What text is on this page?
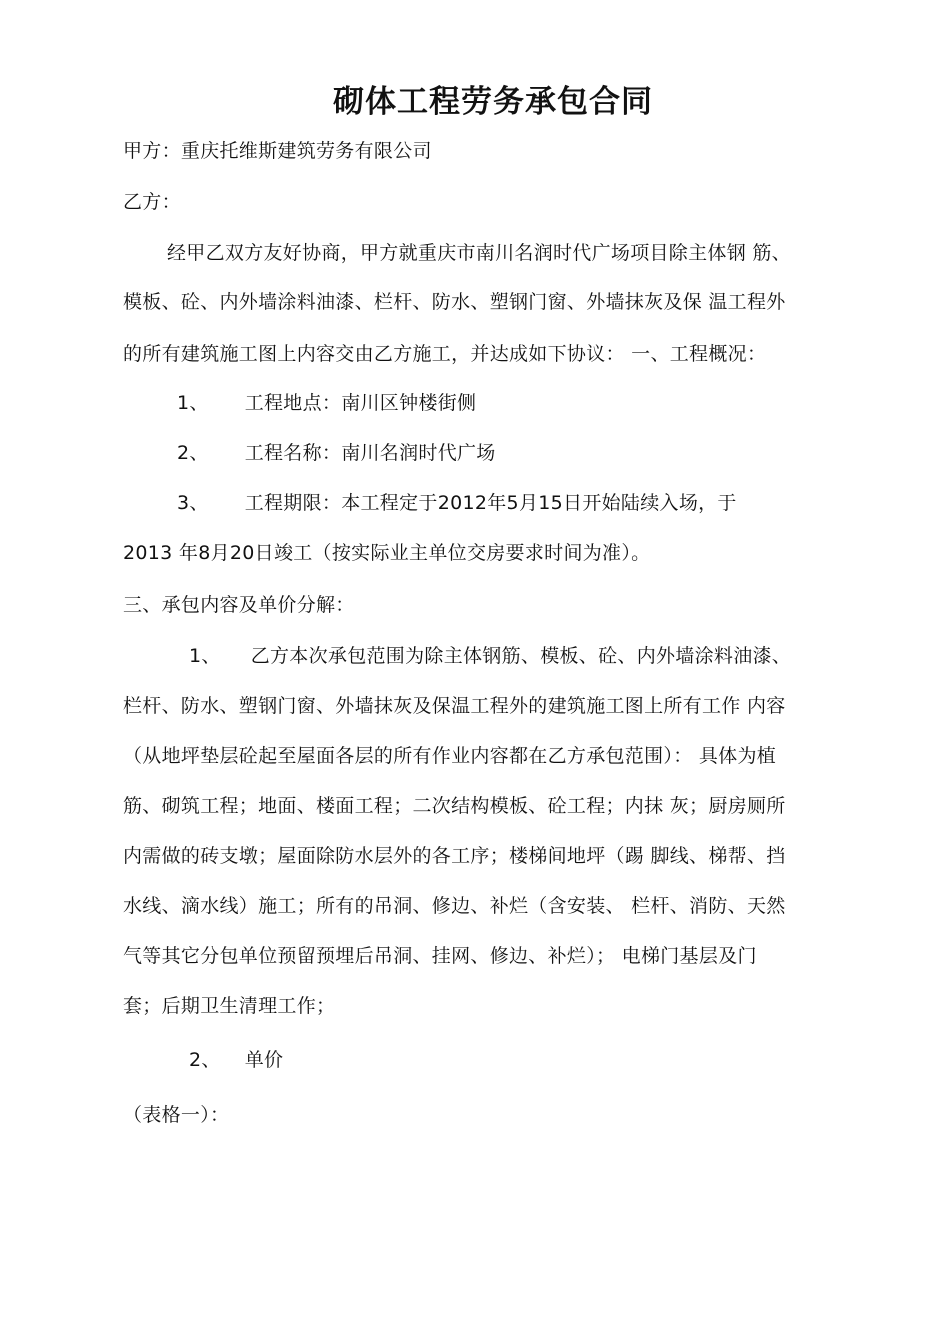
砌体工程劳务承包合同
甲方：重庆托维斯建筑劳务有限公司
乙方：
经甲乙双方友好协商，甲方就重庆市南川名润时代广场项目除主体钢 筋、
模板、砼、内外墙涂料油漆、栏杆、防水、塑钢门窗、外墙抹灰及保 温工程外
的所有建筑施工图上内容交由乙方施工，并达成如下协议： 一、工程概况：
1、 工程地点：南川区钟楼街侧
2、 工程名称：南川名润时代广场
3、 工程期限：本工程定于2012年5月15日开始陆续入场，于
2013 年8月20日竣工（按实际业主单位交房要求时间为准）。
三、承包内容及单价分解：
1、 乙方本次承包范围为除主体钢筋、模板、砼、内外墙涂料油漆、
栏杆、防水、塑钢门窗、外墙抹灰及保温工程外的建筑施工图上所有工作 内容
（从地坪垫层砼起至屋面各层的所有作业内容都在乙方承包范围）： 具体为植
筋、砌筑工程；地面、楼面工程；二次结构模板、砼工程；内抹 灰；厨房厕所
内需做的砖支墩；屋面除防水层外的各工序；楼梯间地坪（踢 脚线、梯帮、挡
水线、滴水线）施工；所有的吊洞、修边、补烂（含安装、 栏杆、消防、天然
气等其它分包单位预留预埋后吊洞、挂网、修边、补烂）； 电梯门基层及门
套；后期卫生清理工作；
2、 单价
（表格一）：
